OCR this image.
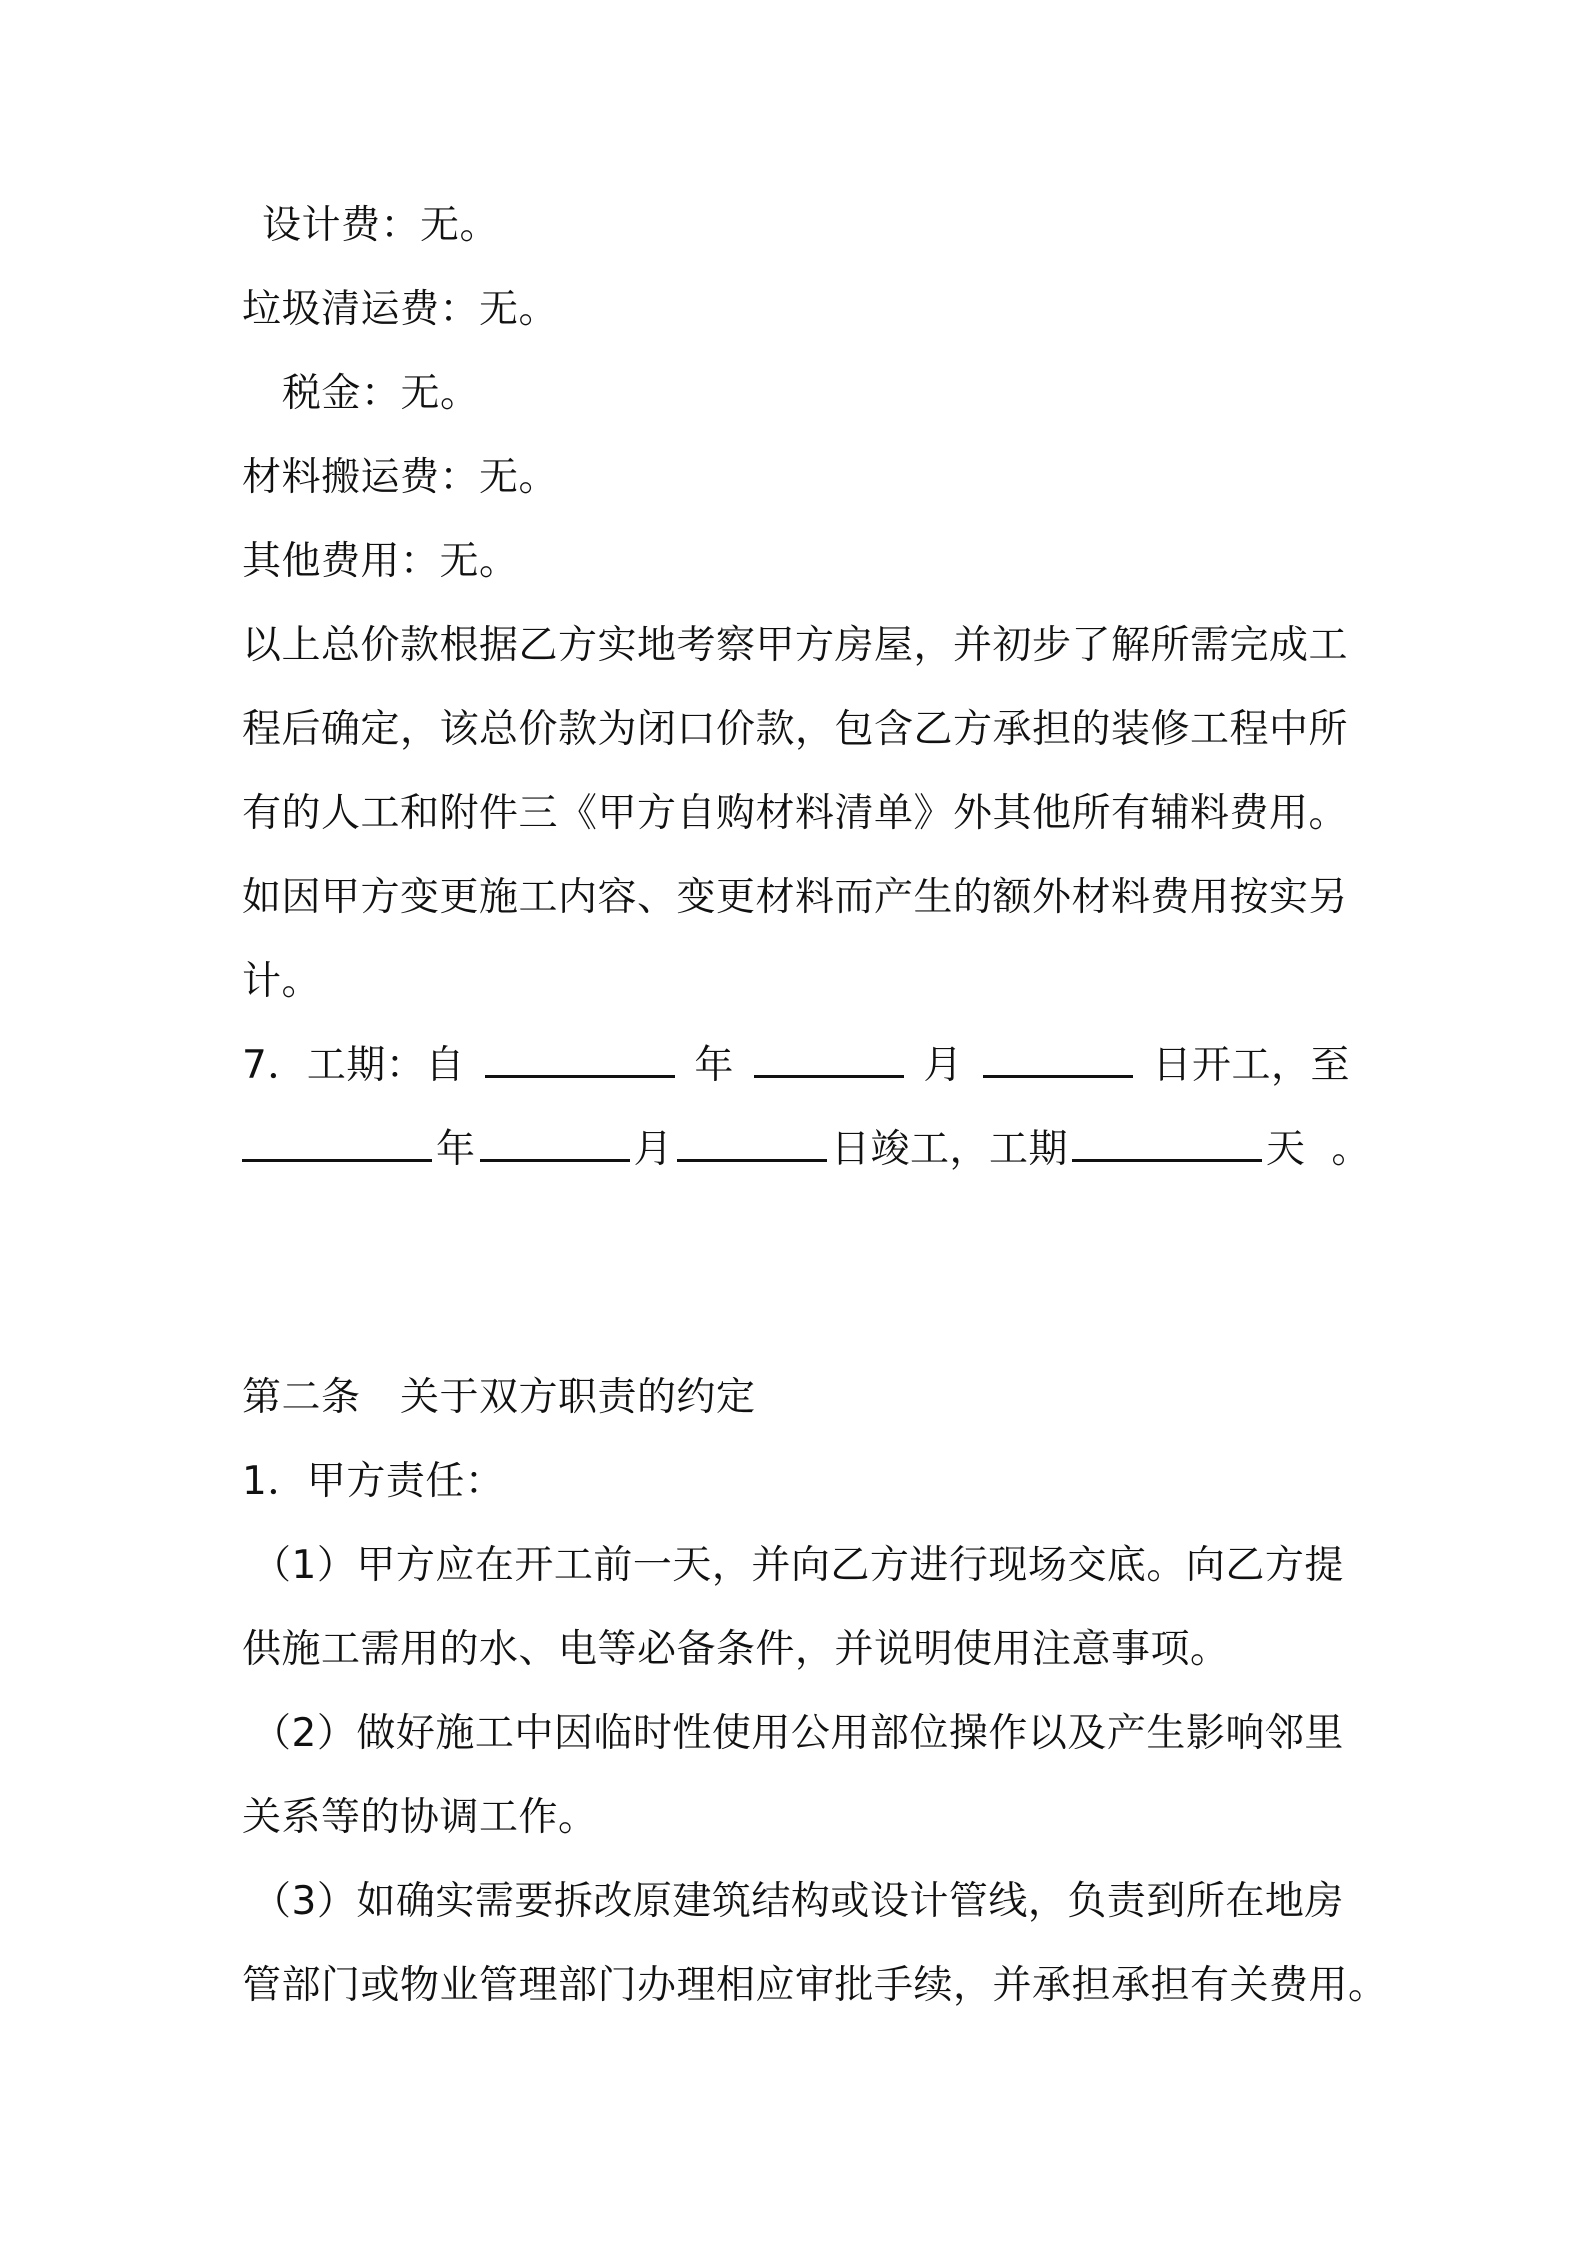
设计费：无。
垃圾清运费：无。
税金：无。
材料搬运费：无。
其他费用：无。
以上总价款根据乙方实地考察甲方房屋，并初步了解所需完成工
程后确定，该总价款为闭口价款，包含乙方承担的装修工程中所
有的人工和附件三《甲方自购材料清单》外其他所有辅料费用。
如因甲方变更施工内容、变更材料而产生的额外材料费用按实另
计。
7．工期：自	年	月	日开工，至
年	月	日竣工，工期	天 。
第二条　关于双方职责的约定
1．甲方责任：
（1）甲方应在开工前一天，并向乙方进行现场交底。向乙方提
供施工需用的水、电等必备条件，并说明使用注意事项。
（2）做好施工中因临时性使用公用部位操作以及产生影响邻里
关系等的协调工作。
（3）如确实需要拆改原建筑结构或设计管线，负责到所在地房
管部门或物业管理部门办理相应审批手续，并承担承担有关费用。
